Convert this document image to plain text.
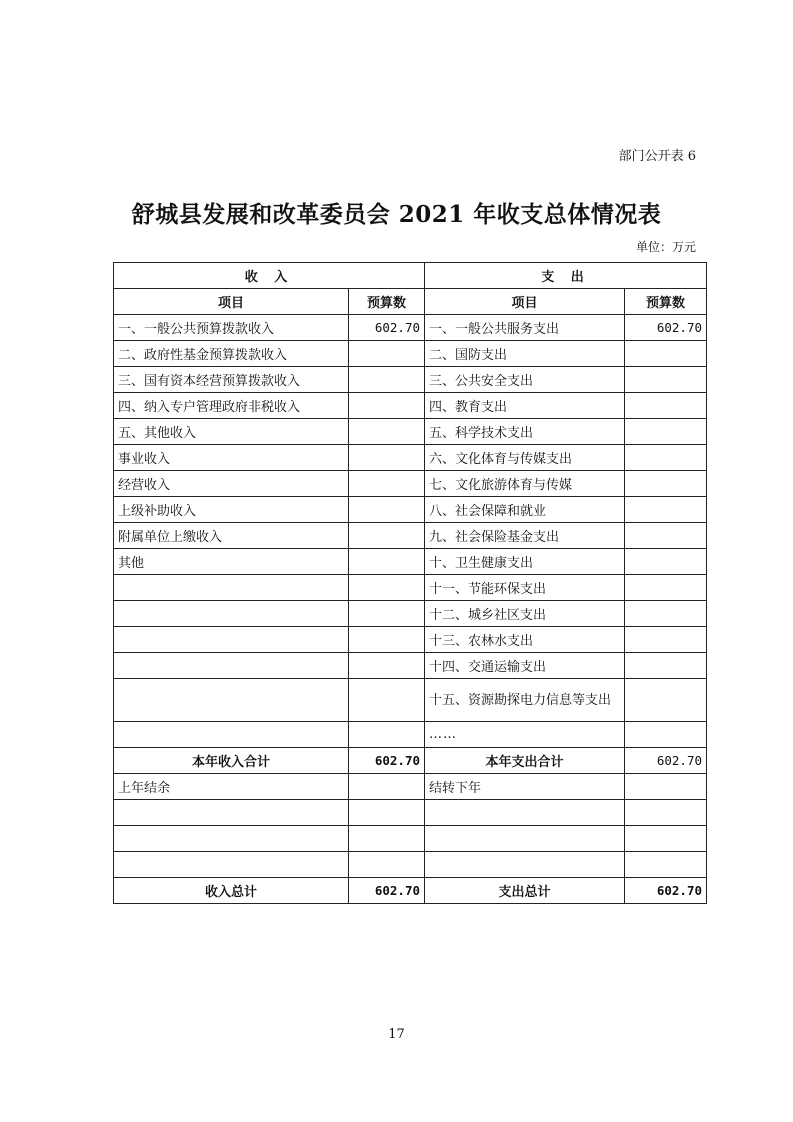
部门公开表 6
舒城县发展和改革委员会 2021 年收支总体情况表
单位：万元
收 入		支 出	
项目	预算数	项目	预算数
一、一般公共预算拨款收入	602.70	一、一般公共服务支出	602.70
二、政府性基金预算拨款收入		二、国防支出	
三、国有资本经营预算拨款收入		三、公共安全支出	
四、纳入专户管理政府非税收入		四、教育支出	
五、其他收入		五、科学技术支出	
事业收入		六、文化体育与传媒支出	
经营收入		七、文化旅游体育与传媒	
上级补助收入		八、社会保障和就业	
附属单位上缴收入		九、社会保险基金支出	
其他		十、卫生健康支出	
		十一、节能环保支出	
		十二、城乡社区支出	
		十三、农林水支出	
		十四、交通运输支出	
		十五、资源勘探电力信息等支出	
		……	
本年收入合计	602.70	本年支出合计	602.70
上年结余		结转下年	

收入总计	602.70	支出总计	602.70
17
